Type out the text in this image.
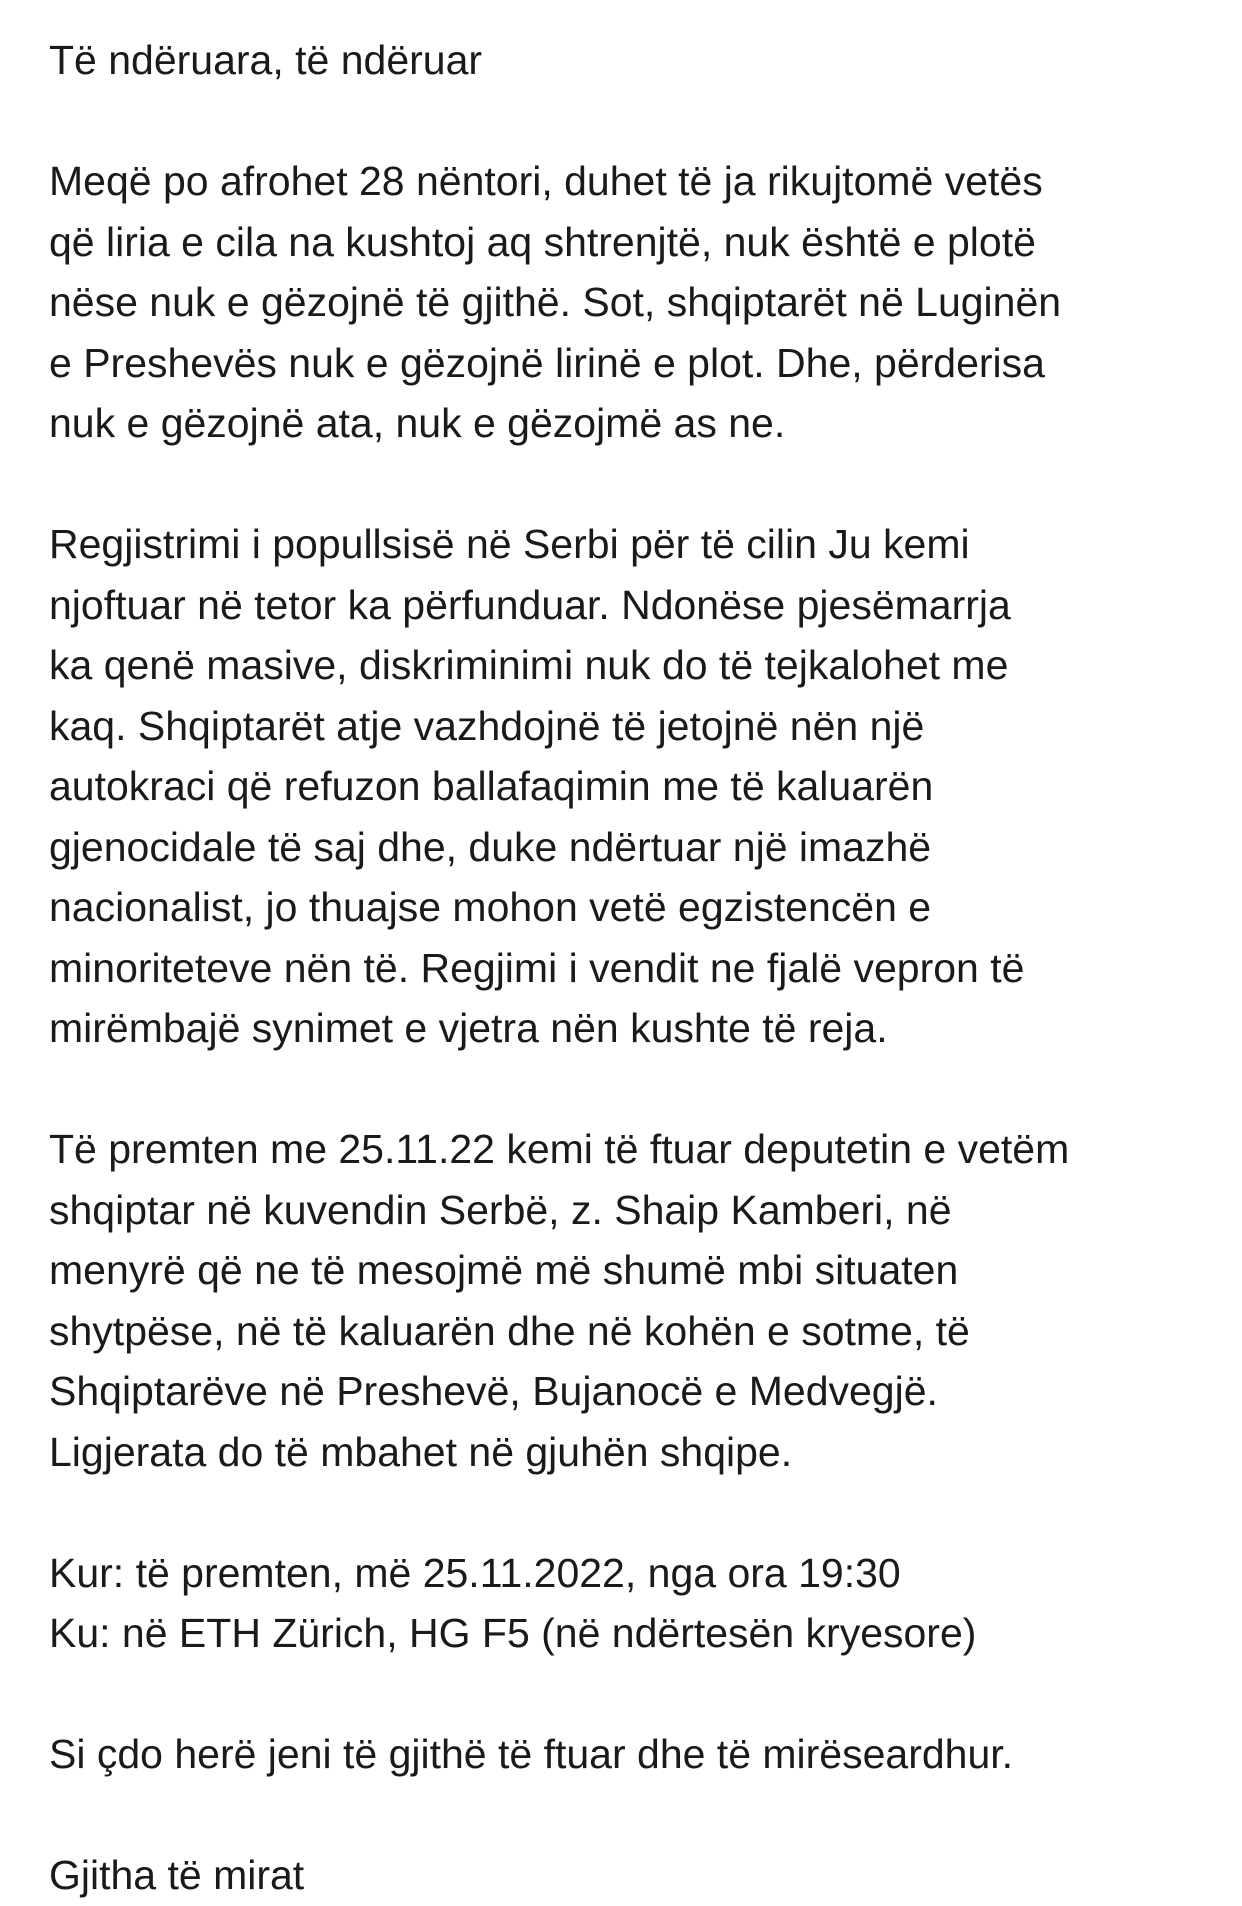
Të ndëruara, të ndëruar
Meqë po afrohet 28 nëntori, duhet të ja rikujtomë vetës
që liria e cila na kushtoj aq shtrenjtë, nuk është e plotë
nëse nuk e gëzojnë të gjithë. Sot, shqiptarët në Luginën
e Preshevës nuk e gëzojnë lirinë e plot. Dhe, përderisa
nuk e gëzojnë ata, nuk e gëzojmë as ne.
Regjistrimi i popullsisë në Serbi për të cilin Ju kemi
njoftuar në tetor ka përfunduar. Ndonëse pjesëmarrja
ka qenë masive, diskriminimi nuk do të tejkalohet me
kaq. Shqiptarët atje vazhdojnë të jetojnë nën një
autokraci që refuzon ballafaqimin me të kaluarën
gjenocidale të saj dhe, duke ndërtuar një imazhë
nacionalist, jo thuajse mohon vetë egzistencën e
minoriteteve nën të. Regjimi i vendit ne fjalë vepron të
mirëmbajë synimet e vjetra nën kushte të reja.
Të premten me 25.11.22 kemi të ftuar deputetin e vetëm
shqiptar në kuvendin Serbë, z. Shaip Kamberi, në
menyrë që ne të mesojmë më shumë mbi situaten
shytpëse, në të kaluarën dhe në kohën e sotme, të
Shqiptarëve në Preshevë, Bujanocë e Medvegjë.
Ligjerata do të mbahet në gjuhën shqipe.
Kur: të premten, më 25.11.2022, nga ora 19:30
Ku: në ETH Zürich, HG F5 (në ndërtesën kryesore)
Si çdo herë jeni të gjithë të ftuar dhe të mirëseardhur.
Gjitha të mirat
